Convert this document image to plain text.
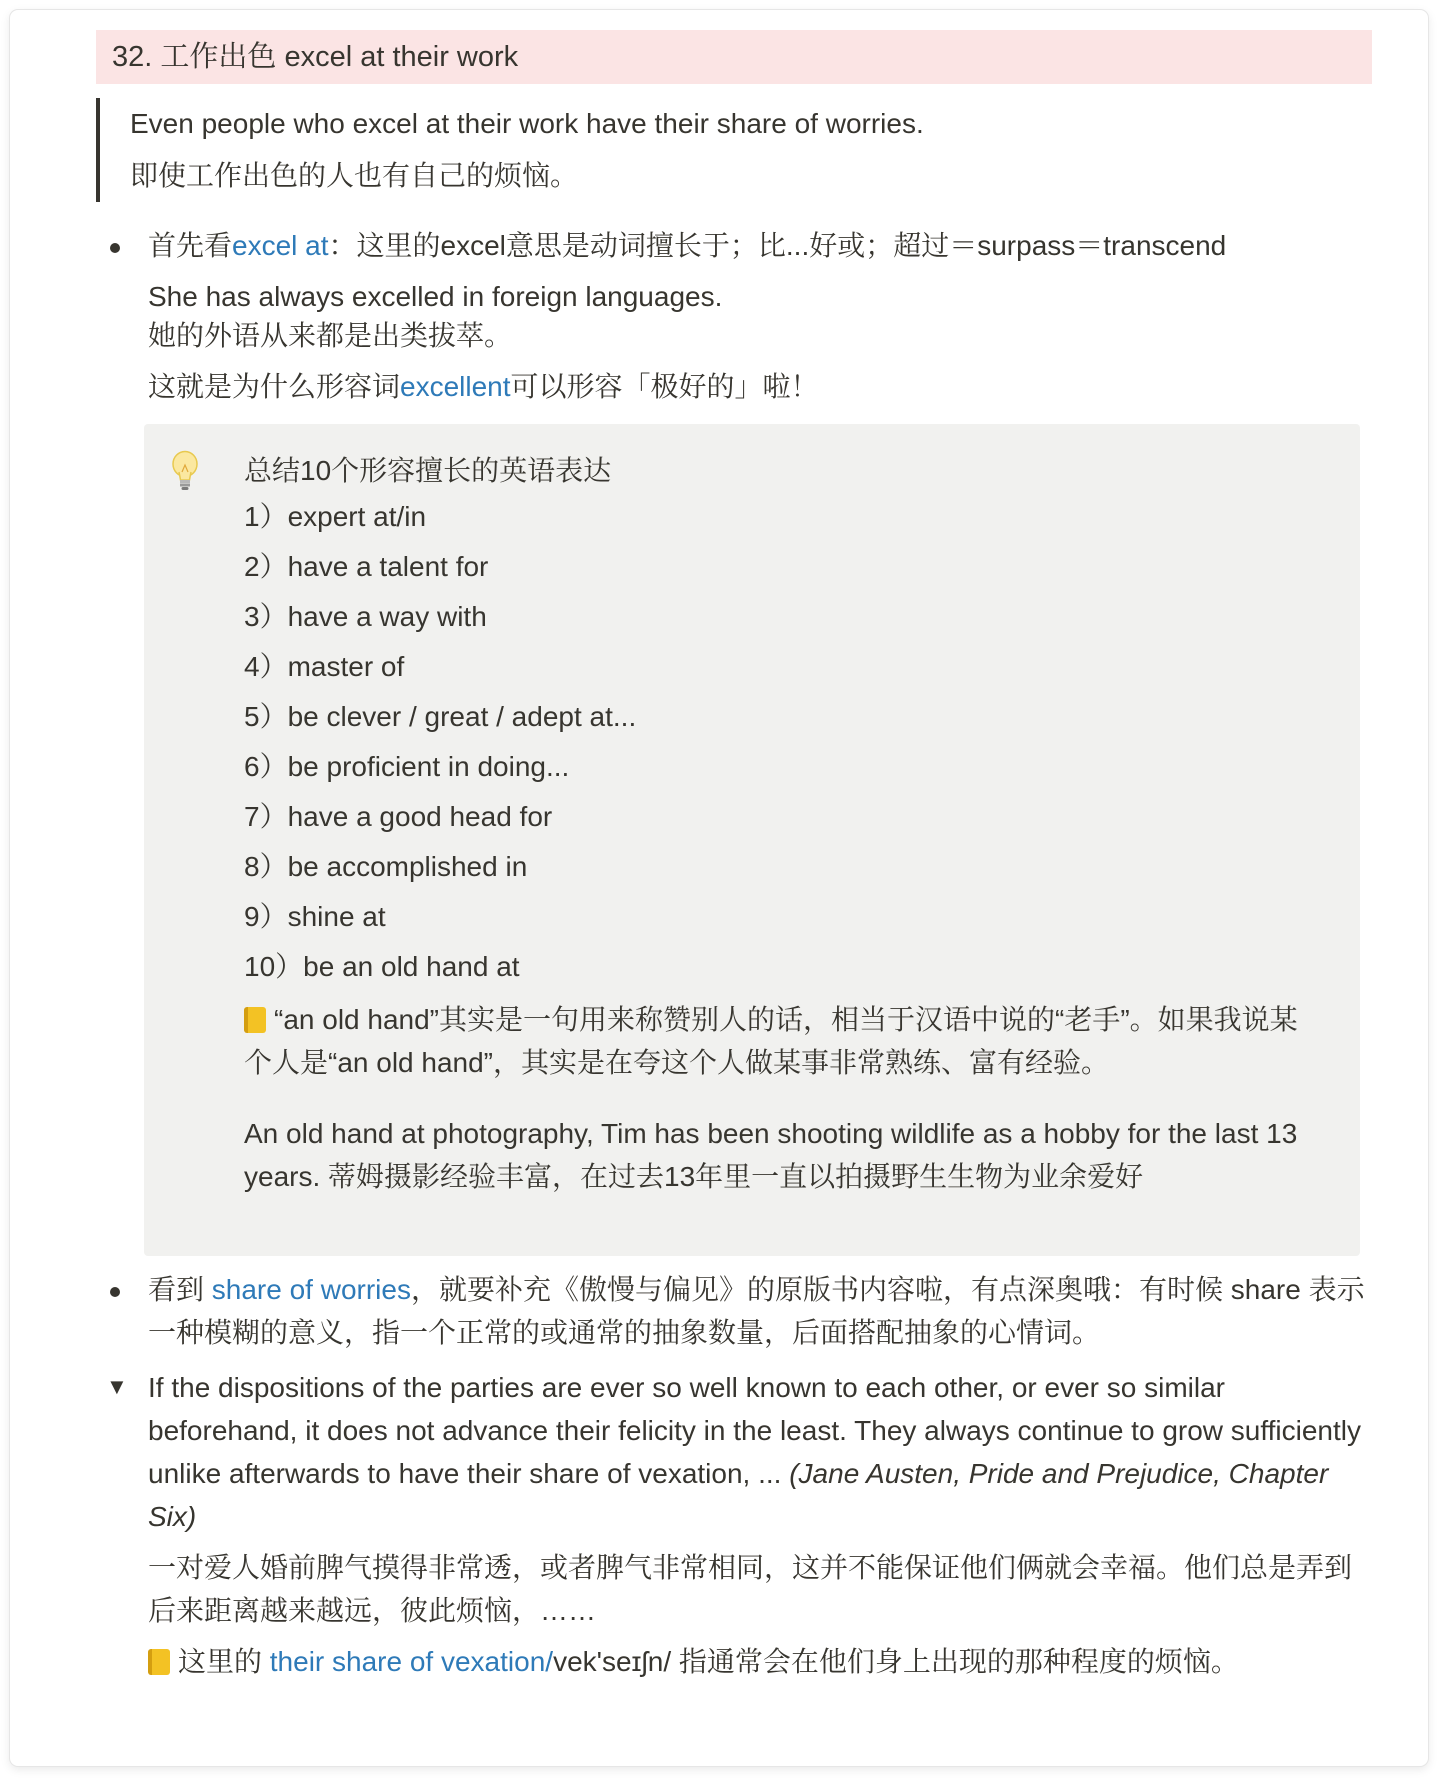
32. 工作出色 excel at their work

Even people who excel at their work have their share of worries.

即使工作出色的人也有自己的烦恼。

首先看excel at：这里的excel意思是动词擅长于；比...好或；超过＝surpass＝transcend

She has always excelled in foreign languages.

她的外语从来都是出类拔萃。

这就是为什么形容词excellent可以形容「极好的」啦！

总结10个形容擅长的英语表达
1）expert at/in
2）have a talent for
3）have a way with
4）master of
5）be clever / great / adept at...
6）be proficient in doing...
7）have a good head for
8）be accomplished in
9）shine at
10）be an old hand at

“an old hand”其实是一句用来称赞别人的话，相当于汉语中说的“老手”。如果我说某个人是“an old hand”，其实是在夸这个人做某事非常熟练、富有经验。

An old hand at photography, Tim has been shooting wildlife as a hobby for the last 13 years. 蒂姆摄影经验丰富，在过去13年里一直以拍摄野生生物为业余爱好

看到 share of worries，就要补充《傲慢与偏见》的原版书内容啦，有点深奥哦：有时候 share 表示一种模糊的意义，指一个正常的或通常的抽象数量，后面搭配抽象的心情词。

▼ If the dispositions of the parties are ever so well known to each other, or ever so similar beforehand, it does not advance their felicity in the least. They always continue to grow sufficiently unlike afterwards to have their share of vexation, ... (Jane Austen, Pride and Prejudice, Chapter Six)

一对爱人婚前脾气摸得非常透，或者脾气非常相同，这并不能保证他们俩就会幸福。他们总是弄到后来距离越来越远，彼此烦恼，……

这里的 their share of vexation/vek'seɪʃn/ 指通常会在他们身上出现的那种程度的烦恼。
